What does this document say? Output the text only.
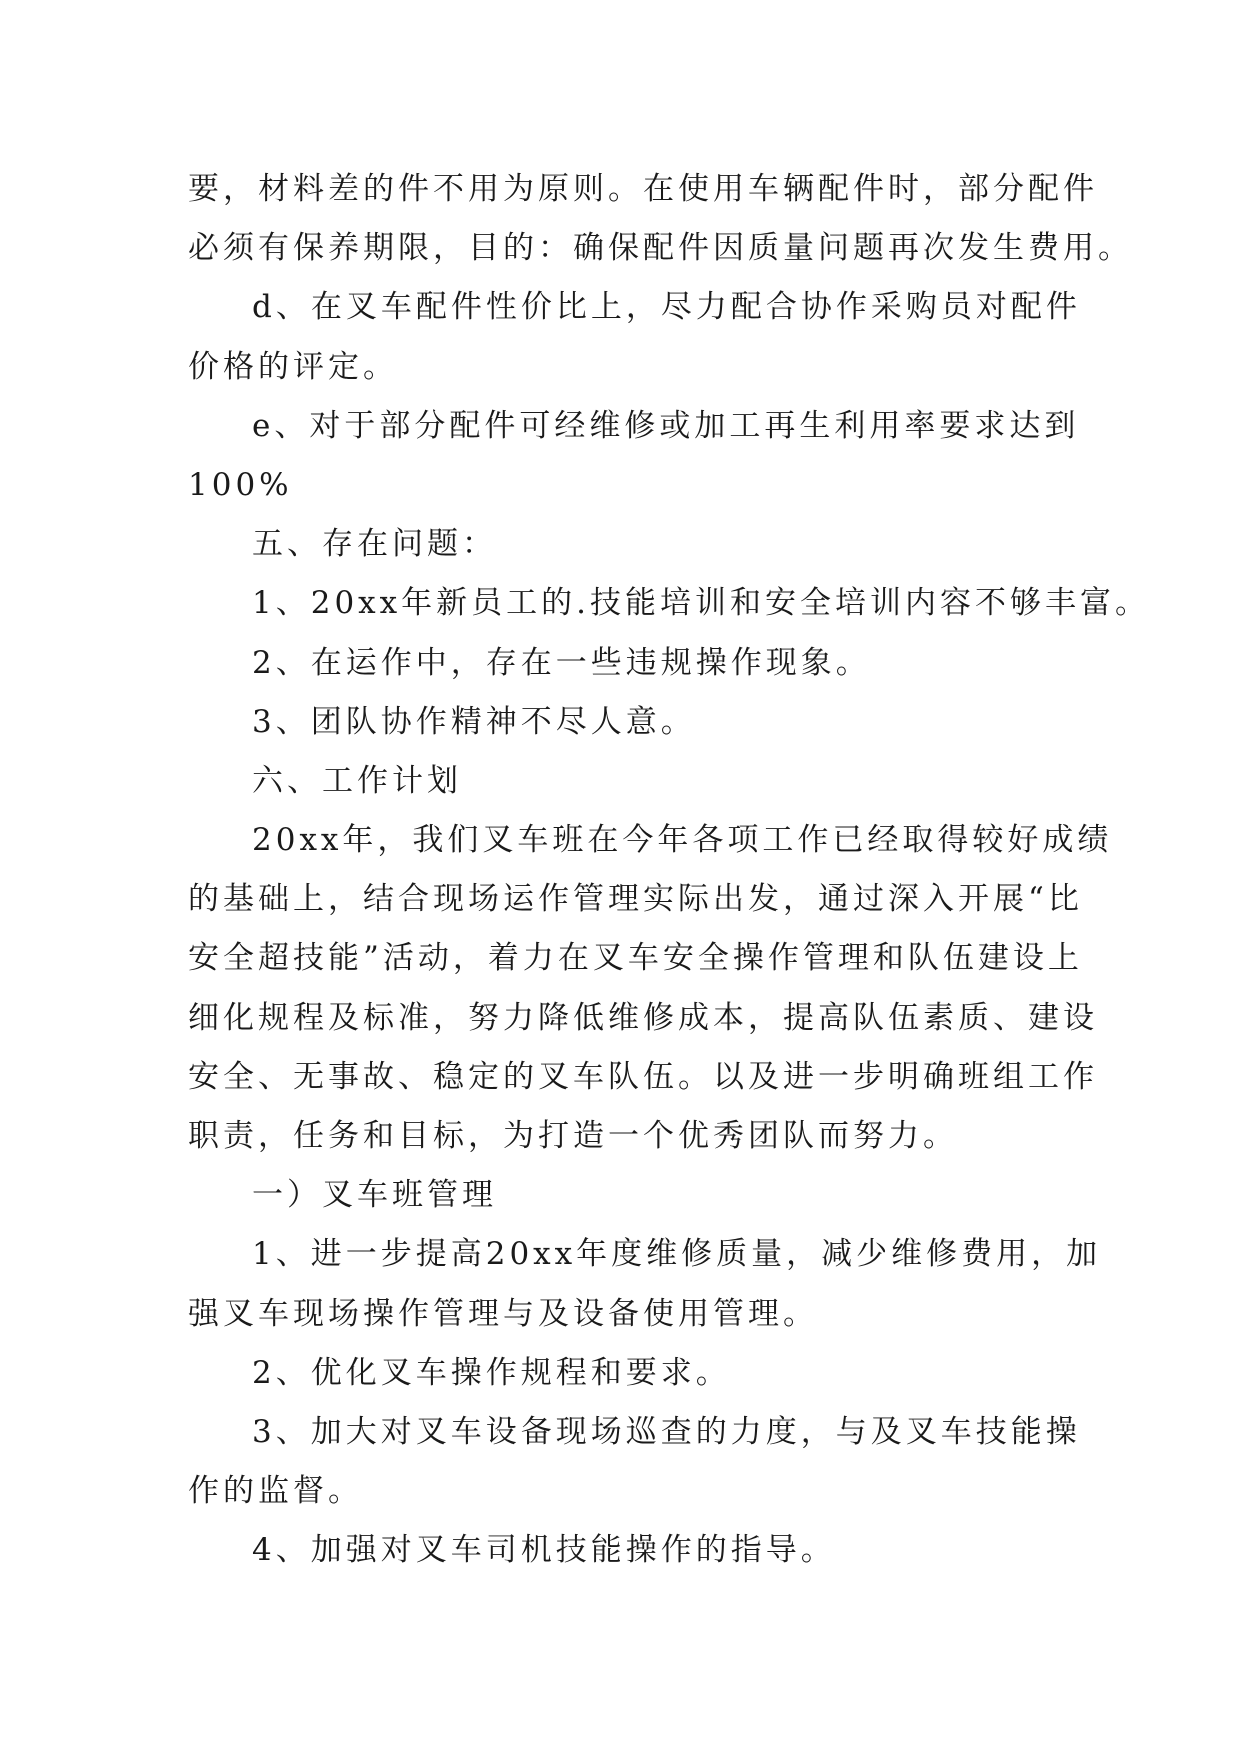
要，材料差的件不用为原则。在使用车辆配件时，部分配件
必须有保养期限，目的：确保配件因质量问题再次发生费用。
d、在叉车配件性价比上，尽力配合协作采购员对配件
价格的评定。
e、对于部分配件可经维修或加工再生利用率要求达到
100%
五、存在问题：
1、20xx年新员工的.技能培训和安全培训内容不够丰富。
2、在运作中，存在一些违规操作现象。
3、团队协作精神不尽人意。
六、工作计划
20xx年，我们叉车班在今年各项工作已经取得较好成绩
的基础上，结合现场运作管理实际出发，通过深入开展“比
安全超技能”活动，着力在叉车安全操作管理和队伍建设上
细化规程及标准，努力降低维修成本，提高队伍素质、建设
安全、无事故、稳定的叉车队伍。以及进一步明确班组工作
职责，任务和目标，为打造一个优秀团队而努力。
一）叉车班管理
1、进一步提高20xx年度维修质量，减少维修费用，加
强叉车现场操作管理与及设备使用管理。
2、优化叉车操作规程和要求。
3、加大对叉车设备现场巡查的力度，与及叉车技能操
作的监督。
4、加强对叉车司机技能操作的指导。
